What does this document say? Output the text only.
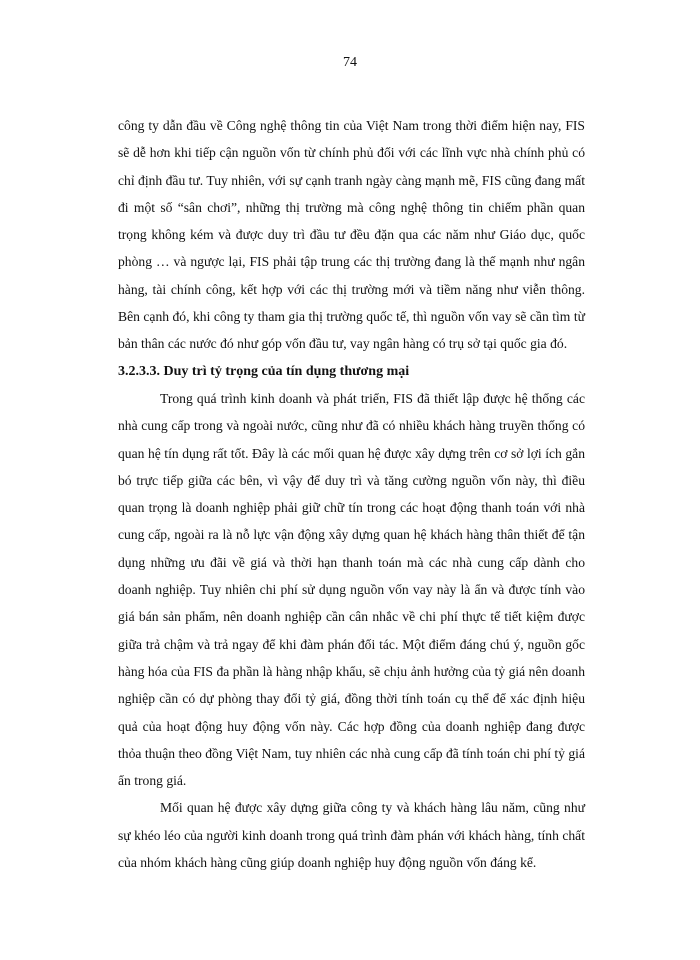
74

công ty dẫn đầu về Công nghệ thông tin của Việt Nam trong thời điểm hiện nay, FIS sẽ dễ hơn khi tiếp cận nguồn vốn từ chính phủ đối với các lĩnh vực nhà chính phủ có chỉ định đầu tư. Tuy nhiên, với sự cạnh tranh ngày càng mạnh mẽ, FIS cũng đang mất đi một số “sân chơi”, những thị trường mà công nghệ thông tin chiếm phần quan trọng không kém và được duy trì đầu tư đều đặn qua các năm như Giáo dục, quốc phòng … và ngược lại, FIS phải tập trung các thị trường đang là thế mạnh như ngân hàng, tài chính công, kết hợp với các thị trường mới và tiềm năng như viễn thông. Bên cạnh đó, khi công ty tham gia thị trường quốc tế, thì nguồn vốn vay sẽ cần tìm từ bản thân các nước đó như góp vốn đầu tư, vay ngân hàng có trụ sở tại quốc gia đó.

3.2.3.3. Duy trì tỷ trọng của tín dụng thương mại

Trong quá trình kinh doanh và phát triển, FIS đã thiết lập được hệ thống các nhà cung cấp trong và ngoài nước, cũng như đã có nhiều khách hàng truyền thống có quan hệ tín dụng rất tốt. Đây là các mối quan hệ được xây dựng trên cơ sở lợi ích gắn bó trực tiếp giữa các bên, vì vậy để duy trì và tăng cường nguồn vốn này, thì điều quan trọng là doanh nghiệp phải giữ chữ tín trong các hoạt động thanh toán với nhà cung cấp, ngoài ra là nỗ lực vận động xây dựng quan hệ khách hàng thân thiết để tận dụng những ưu đãi về giá và thời hạn thanh toán mà các nhà cung cấp dành cho doanh nghiệp. Tuy nhiên chi phí sử dụng nguồn vốn vay này là ẩn và được tính vào giá bán sản phẩm, nên doanh nghiệp cần cân nhắc về chi phí thực tế tiết kiệm được giữa trả chậm và trả ngay để khi đàm phán đối tác. Một điểm đáng chú ý, nguồn gốc hàng hóa của FIS đa phần là hàng nhập khẩu, sẽ chịu ảnh hưởng của tỷ giá nên doanh nghiệp cần có dự phòng thay đổi tỷ giá, đồng thời tính toán cụ thể để xác định hiệu quả của hoạt động huy động vốn này. Các hợp đồng của doanh nghiệp đang được thỏa thuận theo đồng Việt Nam, tuy nhiên các nhà cung cấp đã tính toán chi phí tỷ giá ẩn trong giá.

Mối quan hệ được xây dựng giữa công ty và khách hàng lâu năm, cũng như sự khéo léo của người kinh doanh trong quá trình đàm phán với khách hàng, tính chất của nhóm khách hàng cũng giúp doanh nghiệp huy động nguồn vốn đáng kể.
